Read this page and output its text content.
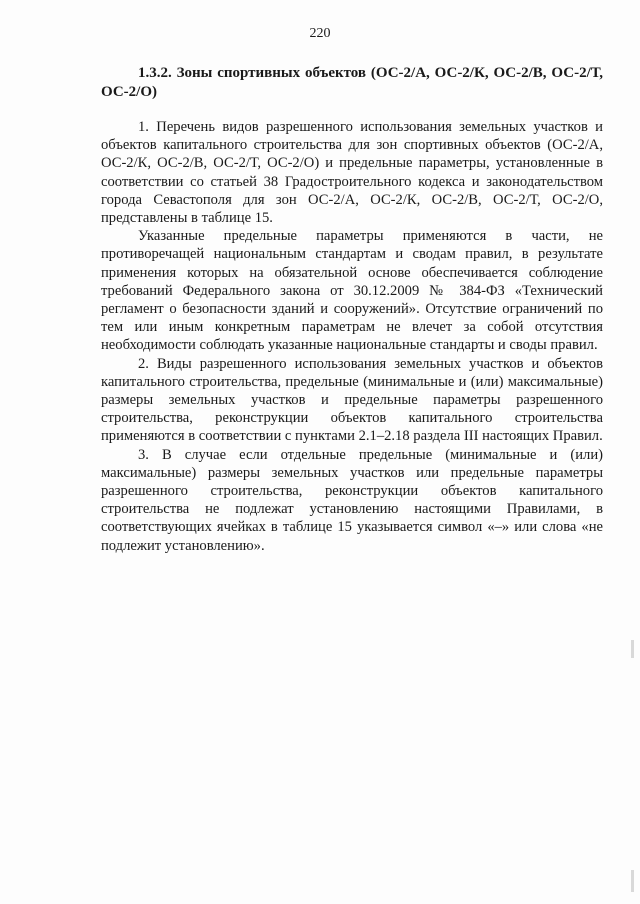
220
1.3.2. Зоны спортивных объектов (ОС-2/А, ОС-2/К, ОС-2/В, ОС-2/Т, ОС-2/О)

1. Перечень видов разрешенного использования земельных участков и объектов капитального строительства для зон спортивных объектов (ОС-2/А, ОС-2/К, ОС-2/В, ОС-2/Т, ОС-2/О) и предельные параметры, установленные в соответствии со статьей 38 Градостроительного кодекса и законодательством города Севастополя для зон ОС-2/А, ОС-2/К, ОС-2/В, ОС-2/Т, ОС-2/О, представлены в таблице 15.

Указанные предельные параметры применяются в части, не противоречащей национальным стандартам и сводам правил, в результате применения которых на обязательной основе обеспечивается соблюдение требований Федерального закона от 30.12.2009 № 384-ФЗ «Технический регламент о безопасности зданий и сооружений». Отсутствие ограничений по тем или иным конкретным параметрам не влечет за собой отсутствия необходимости соблюдать указанные национальные стандарты и своды правил.

2. Виды разрешенного использования земельных участков и объектов капитального строительства, предельные (минимальные и (или) максимальные) размеры земельных участков и предельные параметры разрешенного строительства, реконструкции объектов капитального строительства применяются в соответствии с пунктами 2.1–2.18 раздела III настоящих Правил.

3. В случае если отдельные предельные (минимальные и (или) максимальные) размеры земельных участков или предельные параметры разрешенного строительства, реконструкции объектов капитального строительства не подлежат установлению настоящими Правилами, в соответствующих ячейках в таблице 15 указывается символ «–» или слова «не подлежит установлению».
